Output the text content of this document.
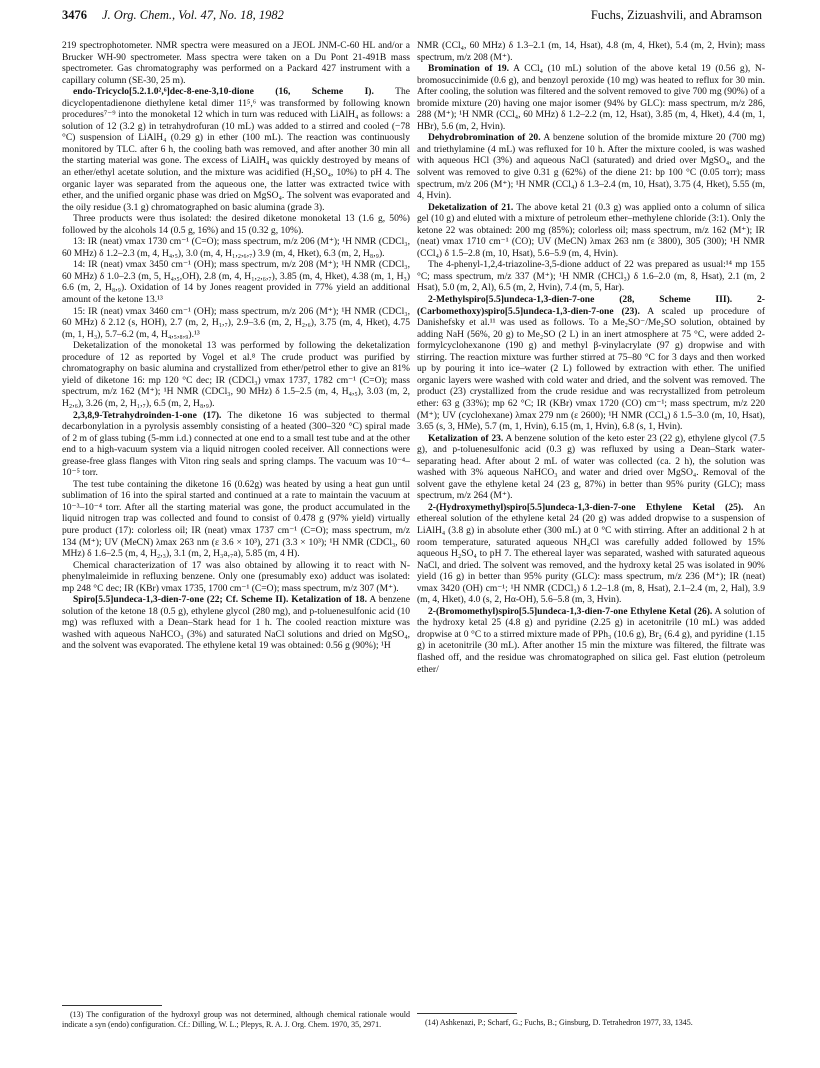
3476 J. Org. Chem., Vol. 47, No. 18, 1982	Fuchs, Zizuashvili, and Abramson

219 spectrophotometer. NMR spectra were measured on a JEOL JNM-C-60 HL and/or a Brucker WH-90 spectrometer. Mass spectra were taken on a Du Pont 21-491B mass spectrometer. Gas chromatography was performed on a Packard 427 instrument with a capillary column (SE-30, 25 m).

endo-Tricyclo[5.2.1.0²,⁶]dec-8-ene-3,10-dione (16, Scheme I). The dicyclopentadienone diethylene ketal dimer 11⁵,⁶ was transformed by following known procedures⁷⁻⁹ into the monoketal 12 which in turn was reduced with LiAlH₄ as follows: a solution of 12 (3.2 g) in tetrahydrofuran (10 mL) was added to a stirred and cooled (−78 °C) suspension of LiAlH₄ (0.29 g) in ether (100 mL). The reaction was continuously monitored by TLC. after 6 h, the cooling bath was removed, and after another 30 min all the starting material was gone. The excess of LiAlH₄ was quickly destroyed by means of an ether/ethyl acetate solution, and the mixture was acidified (H₂SO₄, 10%) to pH 4. The organic layer was separated from the aqueous one, the latter was extracted twice with ether, and the unified organic phase was dried on MgSO₄. The solvent was evaporated and the oily residue (3.1 g) chromatographed on basic alumina (grade 3).

Three products were thus isolated: the desired diketone monoketal 13 (1.6 g, 50%) followed by the alcohols 14 (0.5 g, 16%) and 15 (0.32 g, 10%).

13: IR (neat) νmax 1730 cm⁻¹ (C=O); mass spectrum, m/z 206 (M⁺); ¹H NMR (CDCl₃, 60 MHz) δ 1.2–2.3 (m, 4, H₄,₅), 3.0 (m, 4, H₁,₂,₆,₇) 3.9 (m, 4, Hket), 6.3 (m, 2, H₈,₉).

14: IR (neat) νmax 3450 cm⁻¹ (OH); mass spectrum, m/z 208 (M⁺); ¹H NMR (CDCl₃, 60 MHz) δ 1.0–2.3 (m, 5, H₄,₅,OH), 2.8 (m, 4, H₁,₂,₆,₇), 3.85 (m, 4, Hket), 4.38 (m, 1, H₃) 6.6 (m, 2, H₈,₉). Oxidation of 14 by Jones reagent provided in 77% yield an additional amount of the ketone 13.¹³

15: IR (neat) νmax 3460 cm⁻¹ (OH); mass spectrum, m/z 206 (M⁺); ¹H NMR (CDCl₃, 60 MHz) δ 2.12 (s, HOH), 2.7 (m, 2, H₁,₇), 2.9–3.6 (m, 2, H₂,₆), 3.75 (m, 4, Hket), 4.75 (m, 1, H₃), 5.7–6.2 (m, 4, H₄,₅,₈,₉).¹³

Deketalization of the monoketal 13 was performed by following the deketalization procedure of 12 as reported by Vogel et al.⁸ The crude product was purified by chromatography on basic alumina and crystallized from ether/petrol ether to give an 81% yield of diketone 16: mp 120 °C dec; IR (CDCl₃) νmax 1737, 1782 cm⁻¹ (C=O); mass spectrum, m/z 162 (M⁺); ¹H NMR (CDCl₃, 90 MHz) δ 1.5–2.5 (m, 4, H₄,₅), 3.03 (m, 2, H₂,₆), 3.26 (m, 2, H₁,₇), 6.5 (m, 2, H₈,₉).

2,3,8,9-Tetrahydroinden-1-one (17). The diketone 16 was subjected to thermal decarbonylation in a pyrolysis assembly consisting of a heated (300–320 °C) spiral made of 2 m of glass tubing (5-mm i.d.) connected at one end to a small test tube and at the other end to a high-vacuum system via a liquid nitrogen cooled receiver. All connections were grease-free glass flanges with Viton ring seals and spring clamps. The vacuum was 10⁻⁴–10⁻⁵ torr.

The test tube containing the diketone 16 (0.62g) was heated by using a heat gun until sublimation of 16 into the spiral started and continued at a rate to maintain the vacuum at 10⁻³–10⁻⁴ torr. After all the starting material was gone, the product accumulated in the liquid nitrogen trap was collected and found to consist of 0.478 g (97% yield) virtually pure product (17): colorless oil; IR (neat) νmax 1737 cm⁻¹ (C=O); mass spectrum, m/z 134 (M⁺); UV (MeCN) λmax 263 nm (ε 3.6 × 10³), 271 (3.3 × 10³); ¹H NMR (CDCl₃, 60 MHz) δ 1.6–2.5 (m, 4, H₂,₃), 3.1 (m, 2, H₃a,₇a), 5.85 (m, 4 H).

Chemical characterization of 17 was also obtained by allowing it to react with N-phenylmaleimide in refluxing benzene. Only one (presumably exo) adduct was isolated: mp 248 °C dec; IR (KBr) νmax 1735, 1700 cm⁻¹ (C=O); mass spectrum, m/z 307 (M⁺).

Spiro[5.5]undeca-1,3-dien-7-one (22; Cf. Scheme II). Ketalization of 18. A benzene solution of the ketone 18 (0.5 g), ethylene glycol (280 mg), and p-toluenesulfonic acid (10 mg) was refluxed with a Dean–Stark head for 1 h. The cooled reaction mixture was washed with aqueous NaHCO₃ (3%) and saturated NaCl solutions and dried on MgSO₄, and the solvent was evaporated. The ethylene ketal 19 was obtained: 0.56 g (90%); ¹H

NMR (CCl₄, 60 MHz) δ 1.3–2.1 (m, 14, Hsat), 4.8 (m, 4, Hket), 5.4 (m, 2, Hvin); mass spectrum, m/z 208 (M⁺).

Bromination of 19. A CCl₄ (10 mL) solution of the above ketal 19 (0.56 g), N-bromosuccinimide (0.6 g), and benzoyl peroxide (10 mg) was heated to reflux for 30 min. After cooling, the solution was filtered and the solvent removed to give 700 mg (90%) of a bromide mixture (20) having one major isomer (94% by GLC): mass spectrum, m/z 286, 288 (M⁺); ¹H NMR (CCl₄, 60 MHz) δ 1.2–2.2 (m, 12, Hsat), 3.85 (m, 4, Hket), 4.4 (m, 1, HBr), 5.6 (m, 2, Hvin).

Dehydrobromination of 20. A benzene solution of the bromide mixture 20 (700 mg) and triethylamine (4 mL) was refluxed for 10 h. After the mixture cooled, is was washed with aqueous HCl (3%) and aqueous NaCl (saturated) and dried over MgSO₄, and the solvent was removed to give 0.31 g (62%) of the diene 21: bp 100 °C (0.05 torr); mass spectrum, m/z 206 (M⁺); ¹H NMR (CCl₄) δ 1.3–2.4 (m, 10, Hsat), 3.75 (4, Hket), 5.55 (m, 4, Hvin).

Deketalization of 21. The above ketal 21 (0.3 g) was applied onto a column of silica gel (10 g) and eluted with a mixture of petroleum ether–methylene chloride (3:1). Only the ketone 22 was obtained: 200 mg (85%); colorless oil; mass spectrum, m/z 162 (M⁺); IR (neat) νmax 1710 cm⁻¹ (CO); UV (MeCN) λmax 263 nm (ε 3800), 305 (300); ¹H NMR (CCl₄) δ 1.5–2.8 (m, 10, Hsat), 5.6–5.9 (m, 4, Hvin).

The 4-phenyl-1,2,4-triazoline-3,5-dione adduct of 22 was prepared as usual:¹⁴ mp 155 °C; mass spectrum, m/z 337 (M⁺); ¹H NMR (CHCl₃) δ 1.6–2.0 (m, 8, Hsat), 2.1 (m, 2 Hsat), 5.0 (m, 2, Al), 6.5 (m, 2, Hvin), 7.4 (m, 5, Har).

2-Methylspiro[5.5]undeca-1,3-dien-7-one (28, Scheme III). 2-(Carbomethoxy)spiro[5.5]undeca-1,3-dien-7-one (23). A scaled up procedure of Danishefsky et al.¹¹ was used as follows. To a Me₂SO⁻/Me₂SO solution, obtained by adding NaH (56%, 20 g) to Me₂SO (2 L) in an inert atmosphere at 75 °C, were added 2-formylcyclohexanone (190 g) and methyl β-vinylacrylate (97 g) dropwise and with stirring. The reaction mixture was further stirred at 75–80 °C for 3 days and then worked up by pouring it into ice–water (2 L) followed by extraction with ether. The unified organic layers were washed with cold water and dried, and the solvent was removed. The product (23) crystallized from the crude residue and was recrystallized from petroleum ether: 63 g (33%); mp 62 °C; IR (KBr) νmax 1720 (CO) cm⁻¹; mass spectrum, m/z 220 (M⁺); UV (cyclohexane) λmax 279 nm (ε 2600); ¹H NMR (CCl₄) δ 1.5–3.0 (m, 10, Hsat), 3.65 (s, 3, HMe), 5.7 (m, 1, Hvin), 6.15 (m, 1, Hvin), 6.8 (s, 1, Hvin).

Ketalization of 23. A benzene solution of the keto ester 23 (22 g), ethylene glycol (7.5 g), and p-toluenesulfonic acid (0.3 g) was refluxed by using a Dean–Stark water-separating head. After about 2 mL of water was collected (ca. 2 h), the solution was washed with 3% aqueous NaHCO₃ and water and dried over MgSO₄. Removal of the solvent gave the ethylene ketal 24 (23 g, 87%) in better than 95% purity (GLC); mass spectrum, m/z 264 (M⁺).

2-(Hydroxymethyl)spiro[5.5]undeca-1,3-dien-7-one Ethylene Ketal (25). An ethereal solution of the ethylene ketal 24 (20 g) was added dropwise to a suspension of LiAlH₄ (3.8 g) in absolute ether (300 mL) at 0 °C with stirring. After an additional 2 h at room temperature, saturated aqueous NH₄Cl was carefully added followed by 15% aqueous H₂SO₄ to pH 7. The ethereal layer was separated, washed with saturated aqueous NaCl, and dried. The solvent was removed, and the hydroxy ketal 25 was isolated in 90% yield (16 g) in better than 95% purity (GLC): mass spectrum, m/z 236 (M⁺); IR (neat) νmax 3420 (OH) cm⁻¹; ¹H NMR (CDCl₃) δ 1.2–1.8 (m, 8, Hsat), 2.1–2.4 (m, 2, Hal), 3.9 (m, 4, Hket), 4.0 (s, 2, Hα-OH), 5.6–5.8 (m, 3, Hvin).

2-(Bromomethyl)spiro[5.5]undeca-1,3-dien-7-one Ethylene Ketal (26). A solution of the hydroxy ketal 25 (4.8 g) and pyridine (2.25 g) in acetonitrile (10 mL) was added dropwise at 0 °C to a stirred mixture made of PPh₃ (10.6 g), Br₂ (6.4 g), and pyridine (1.15 g) in acetonitrile (30 mL). After another 15 min the mixture was filtered, the filtrate was flashed off, and the residue was chromatographed on silica gel. Fast elution (petroleum ether/

(13) The configuration of the hydroxyl group was not determined, although chemical rationale would indicate a syn (endo) configuration. Cf.: Dilling, W. L.; Plepys, R. A. J. Org. Chem. 1970, 35, 2971.	(14) Ashkenazi, P.; Scharf, G.; Fuchs, B.; Ginsburg, D. Tetrahedron 1977, 33, 1345.
